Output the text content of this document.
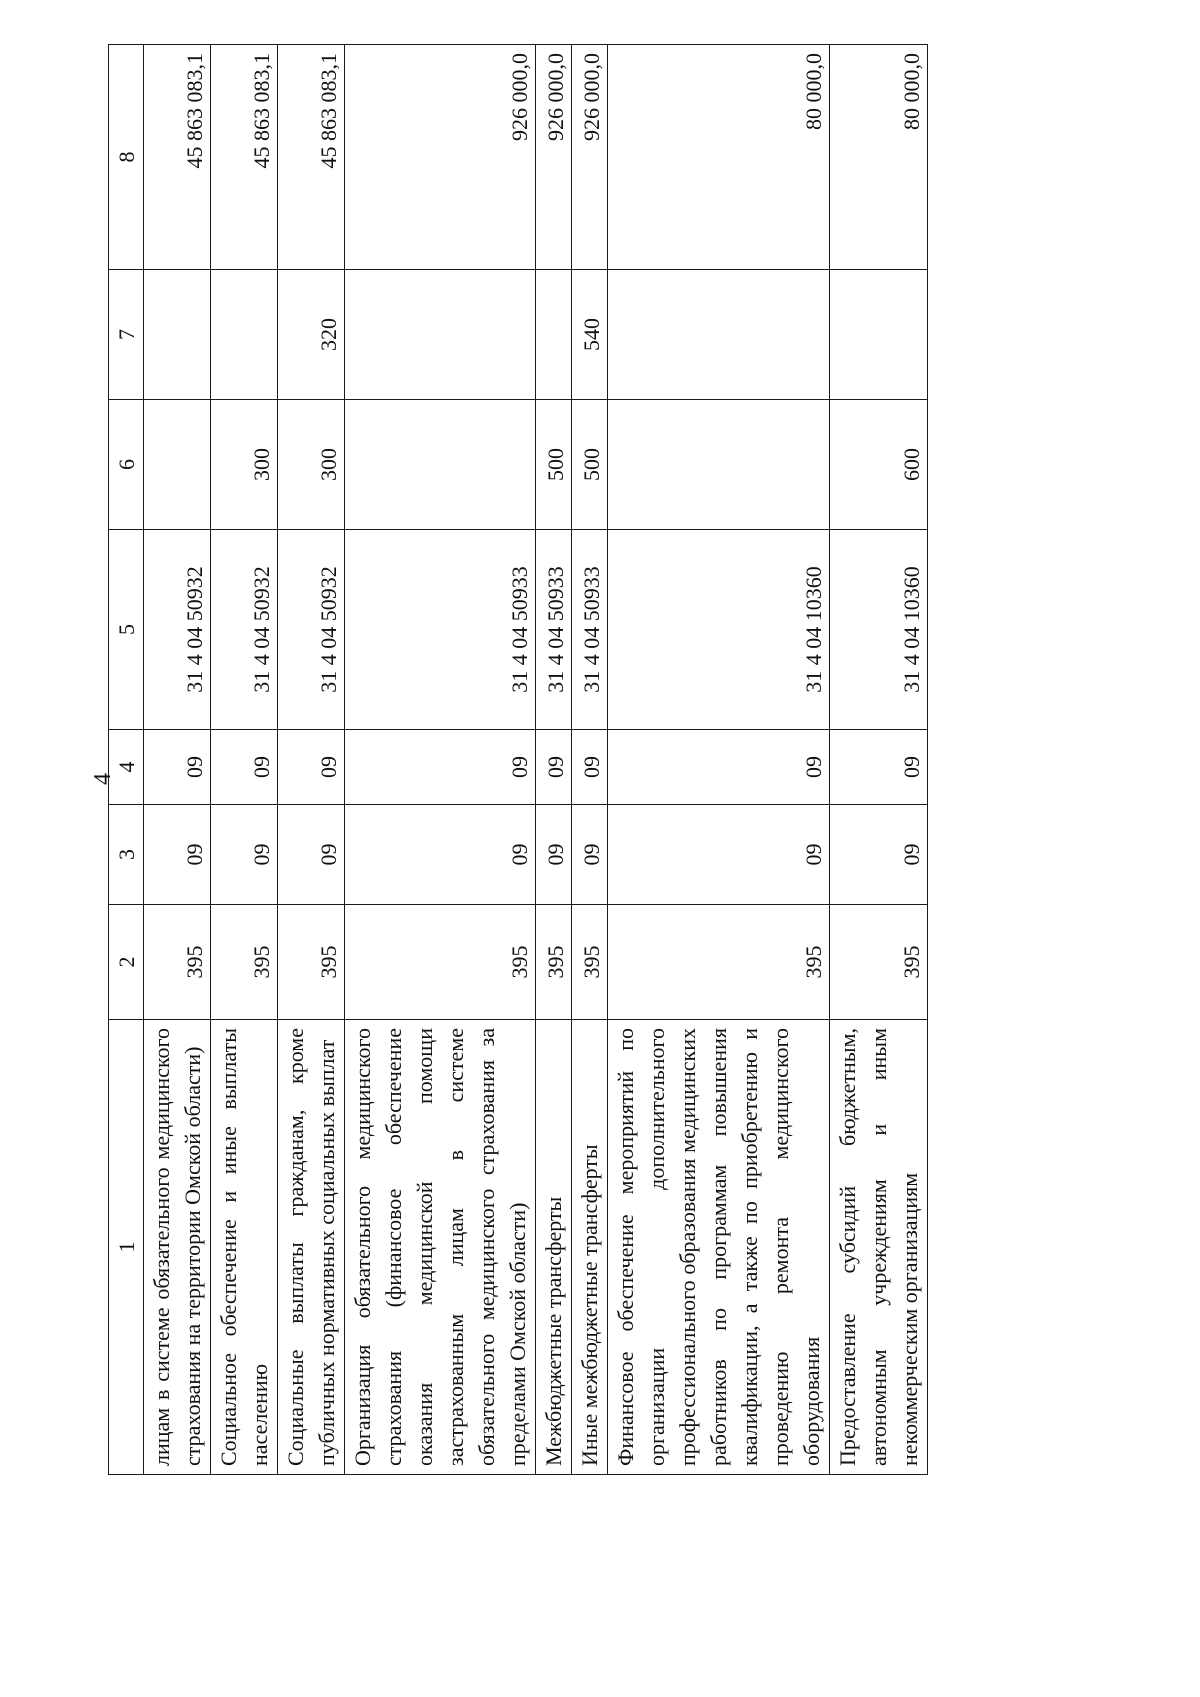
4
1	2	3	4	5	6	7	8
лицам в системе обязательного медицинского страхования на территории Омской области)	395	09	09	31 4 04 50932			45 863 083,1
Социальное обеспечение и иные выплаты населению	395	09	09	31 4 04 50932	300		45 863 083,1
Социальные выплаты гражданам, кроме публичных нормативных социальных выплат	395	09	09	31 4 04 50932	300	320	45 863 083,1
Организация обязательного медицинского страхования (финансовое обеспечение оказания медицинской помощи застрахованным лицам в системе обязательного медицинского страхования за пределами Омской области)	395	09	09	31 4 04 50933			926 000,0
Межбюджетные трансферты	395	09	09	31 4 04 50933	500		926 000,0
Иные межбюджетные трансферты	395	09	09	31 4 04 50933	500	540	926 000,0
Финансовое обеспечение мероприятий по организации дополнительного профессионального образования медицинских работников по программам повышения квалификации, а также по приобретению и проведению ремонта медицинского оборудования	395	09	09	31 4 04 10360			80 000,0
Предоставление субсидий бюджетным, автономным учреждениям и иным некоммерческим организациям	395	09	09	31 4 04 10360	600		80 000,0
